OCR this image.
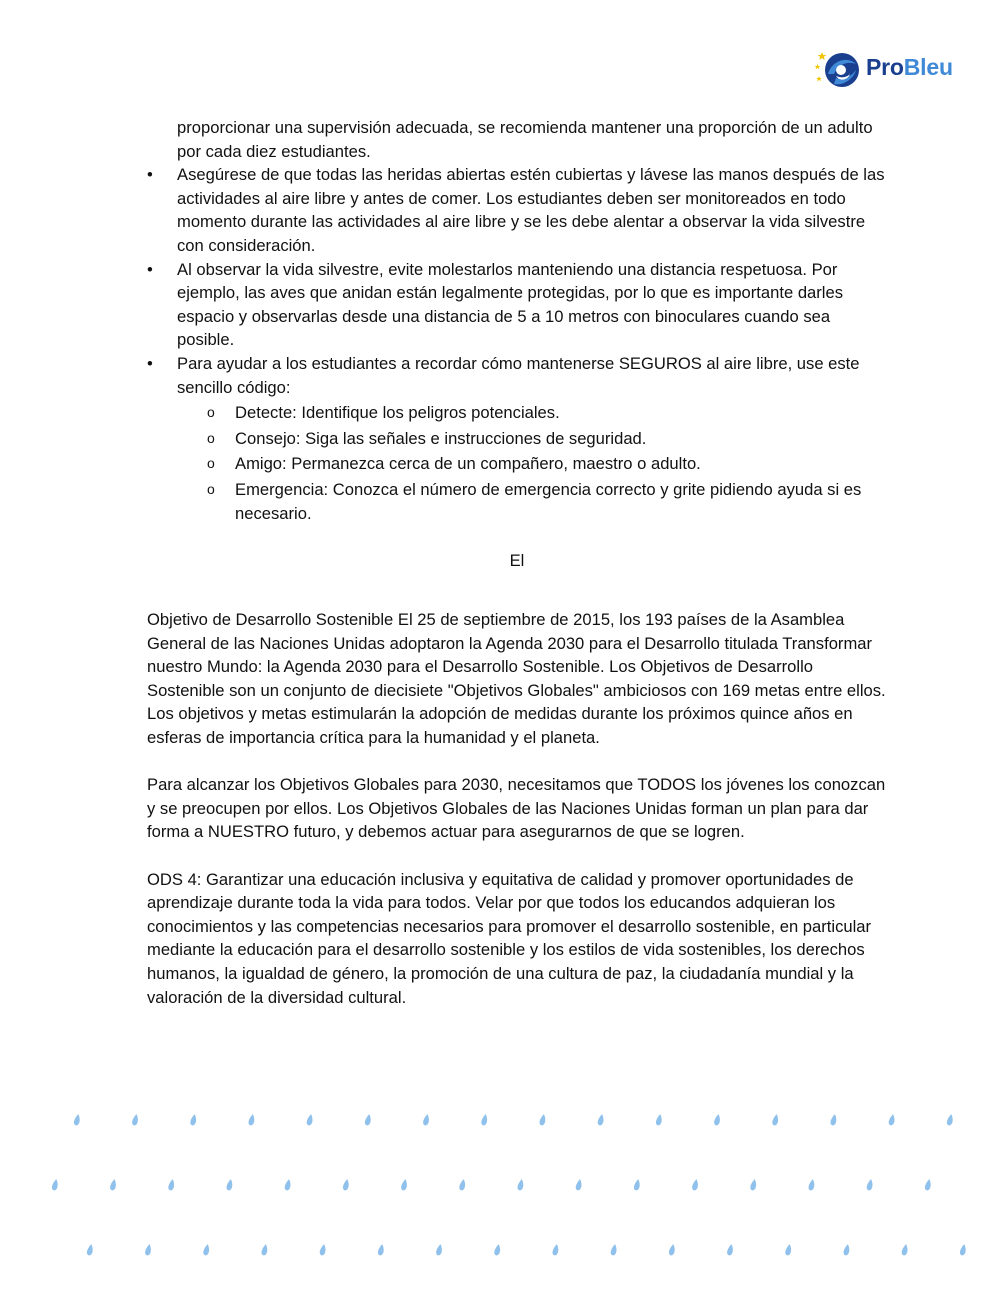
ProBleu

proporcionar una supervisión adecuada, se recomienda mantener una proporción de un adulto por cada diez estudiantes.

• Asegúrese de que todas las heridas abiertas estén cubiertas y lávese las manos después de las actividades al aire libre y antes de comer. Los estudiantes deben ser monitoreados en todo momento durante las actividades al aire libre y se les debe alentar a observar la vida silvestre con consideración.
• Al observar la vida silvestre, evite molestarlos manteniendo una distancia respetuosa. Por ejemplo, las aves que anidan están legalmente protegidas, por lo que es importante darles espacio y observarlas desde una distancia de 5 a 10 metros con binoculares cuando sea posible.
• Para ayudar a los estudiantes a recordar cómo mantenerse SEGUROS al aire libre, use este sencillo código:
o Detecte: Identifique los peligros potenciales.
o Consejo: Siga las señales e instrucciones de seguridad.
o Amigo: Permanezca cerca de un compañero, maestro o adulto.
o Emergencia: Conozca el número de emergencia correcto y grite pidiendo ayuda si es necesario.
El

Objetivo de Desarrollo Sostenible El 25 de septiembre de 2015, los 193 países de la Asamblea General de las Naciones Unidas adoptaron la Agenda 2030 para el Desarrollo titulada Transformar nuestro Mundo: la Agenda 2030 para el Desarrollo Sostenible. Los Objetivos de Desarrollo Sostenible son un conjunto de diecisiete "Objetivos Globales" ambiciosos con 169 metas entre ellos. Los objetivos y metas estimularán la adopción de medidas durante los próximos quince años en esferas de importancia crítica para la humanidad y el planeta.

Para alcanzar los Objetivos Globales para 2030, necesitamos que TODOS los jóvenes los conozcan y se preocupen por ellos. Los Objetivos Globales de las Naciones Unidas forman un plan para dar forma a NUESTRO futuro, y debemos actuar para asegurarnos de que se logren.

ODS 4: Garantizar una educación inclusiva y equitativa de calidad y promover oportunidades de aprendizaje durante toda la vida para todos. Velar por que todos los educandos adquieran los conocimientos y las competencias necesarios para promover el desarrollo sostenible, en particular mediante la educación para el desarrollo sostenible y los estilos de vida sostenibles, los derechos humanos, la igualdad de género, la promoción de una cultura de paz, la ciudadanía mundial y la valoración de la diversidad cultural.
